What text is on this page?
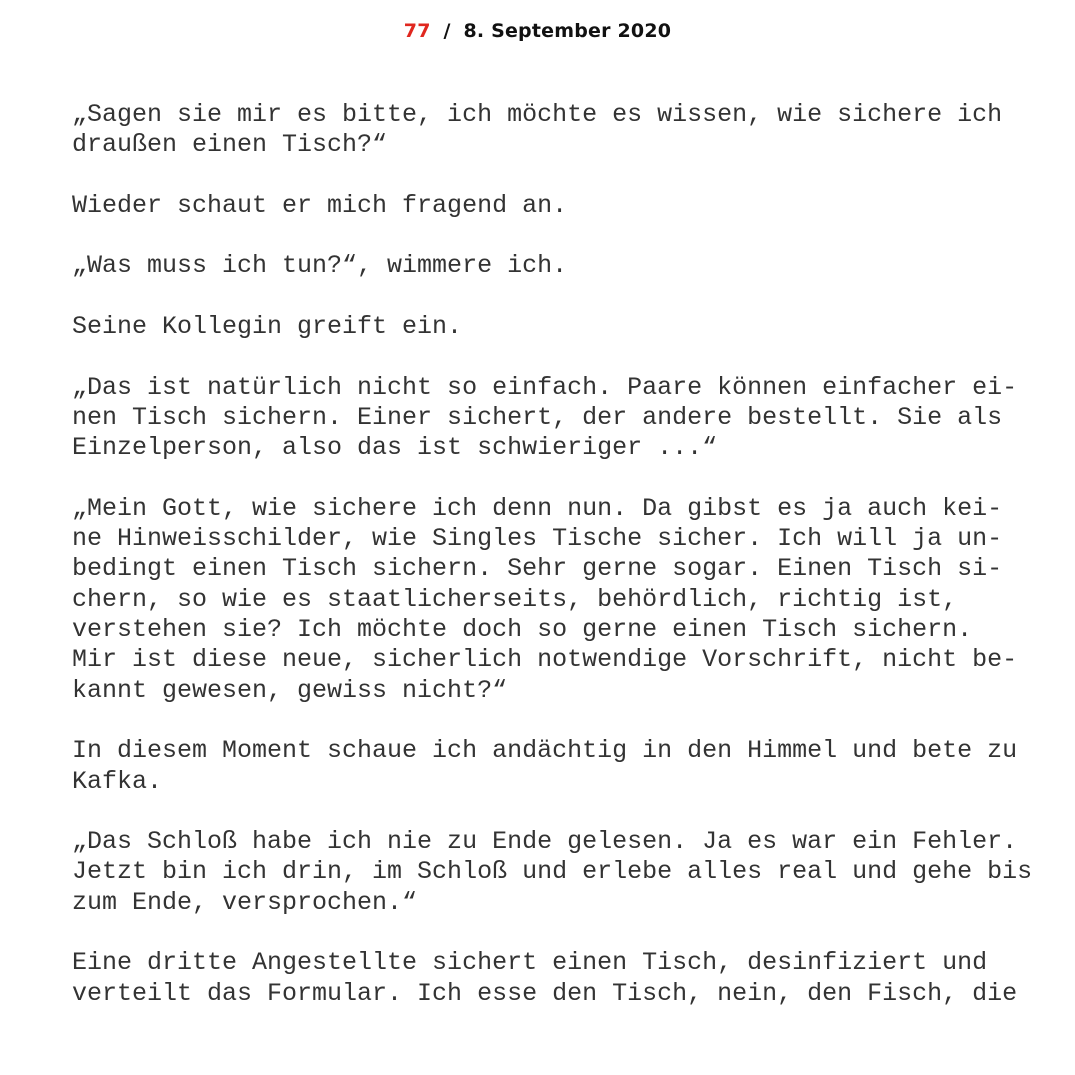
77 / 8. September 2020

„Sagen sie mir es bitte, ich möchte es wissen, wie sichere ich
draußen einen Tisch?“

Wieder schaut er mich fragend an.

„Was muss ich tun?“, wimmere ich.

Seine Kollegin greift ein.

„Das ist natürlich nicht so einfach. Paare können einfacher ei-
nen Tisch sichern. Einer sichert, der andere bestellt. Sie als
Einzelperson, also das ist schwieriger ...“

„Mein Gott, wie sichere ich denn nun. Da gibst es ja auch kei-
ne Hinweisschilder, wie Singles Tische sicher. Ich will ja un-
bedingt einen Tisch sichern. Sehr gerne sogar. Einen Tisch si-
chern, so wie es staatlicherseits, behördlich, richtig ist,
verstehen sie? Ich möchte doch so gerne einen Tisch sichern.
Mir ist diese neue, sicherlich notwendige Vorschrift, nicht be-
kannt gewesen, gewiss nicht?“

In diesem Moment schaue ich andächtig in den Himmel und bete zu
Kafka.

„Das Schloß habe ich nie zu Ende gelesen. Ja es war ein Fehler.
Jetzt bin ich drin, im Schloß und erlebe alles real und gehe bis
zum Ende, versprochen.“

Eine dritte Angestellte sichert einen Tisch, desinfiziert und
verteilt das Formular. Ich esse den Tisch, nein, den Fisch, die
